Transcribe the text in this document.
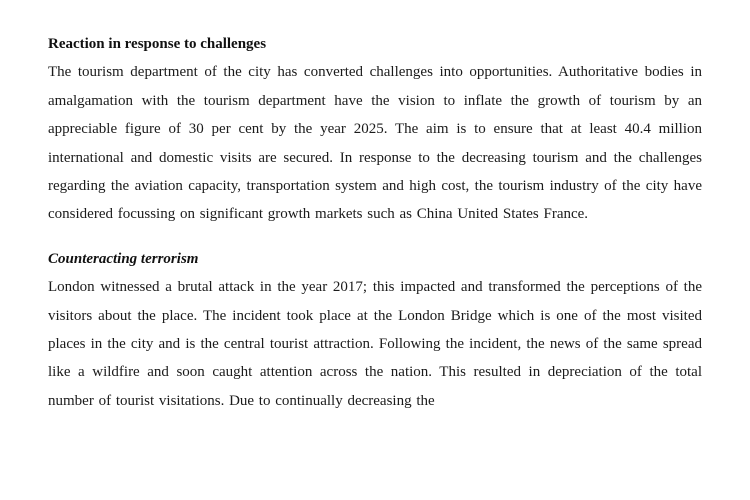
Reaction in response to challenges

The tourism department of the city has converted challenges into opportunities. Authoritative bodies in amalgamation with the tourism department have the vision to inflate the growth of tourism by an appreciable figure of 30 per cent by the year 2025. The aim is to ensure that at least 40.4 million international and domestic visits are secured. In response to the decreasing tourism and the challenges regarding the aviation capacity, transportation system and high cost, the tourism industry of the city have considered focussing on significant growth markets such as China United States France.

Counteracting terrorism

London witnessed a brutal attack in the year 2017; this impacted and transformed the perceptions of the visitors about the place. The incident took place at the London Bridge which is one of the most visited places in the city and is the central tourist attraction. Following the incident, the news of the same spread like a wildfire and soon caught attention across the nation. This resulted in depreciation of the total number of tourist visitations. Due to continually decreasing the
